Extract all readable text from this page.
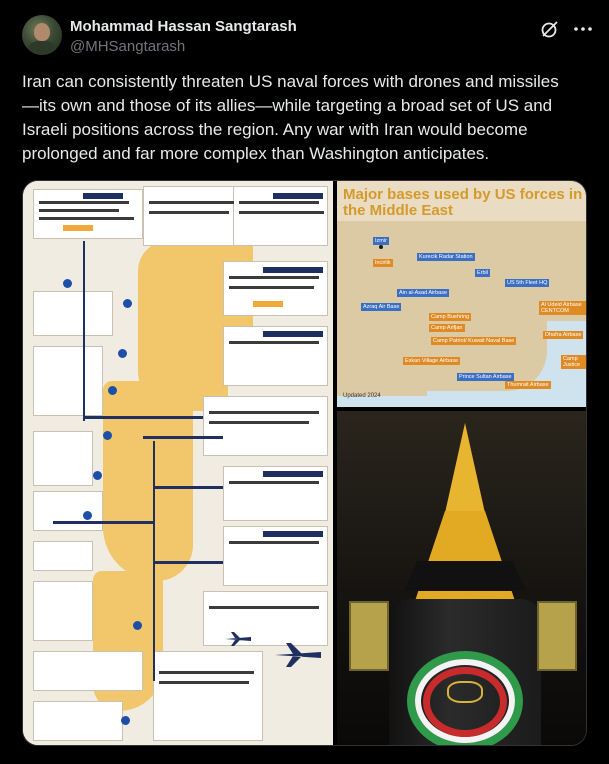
Mohammad Hassan Sangtarash
@MHSangtarash
Iran can consistently threaten US naval forces with drones and missiles
—its own and those of its allies—while targeting a broad set of US and
Israeli positions across the region. Any war with Iran would become
prolonged and far more complex than Washington anticipates.
Major bases used by US forces in the Middle East
Izmir
Incirlik
Kurecik Radar Station
Erbil
Ain al-Asad Airbase
US 5th Fleet HQ
Al Udeid Airbase CENTCOM
Azraq Air Base
Camp Buehring
Camp Arifjan
Camp Patriot/ Kuwait Naval Base
Dhafra Airbase
Eskan Village Airbase
Prince Sultan Airbase
Camp Justice
Thumrait Airbase
Updated 2024
